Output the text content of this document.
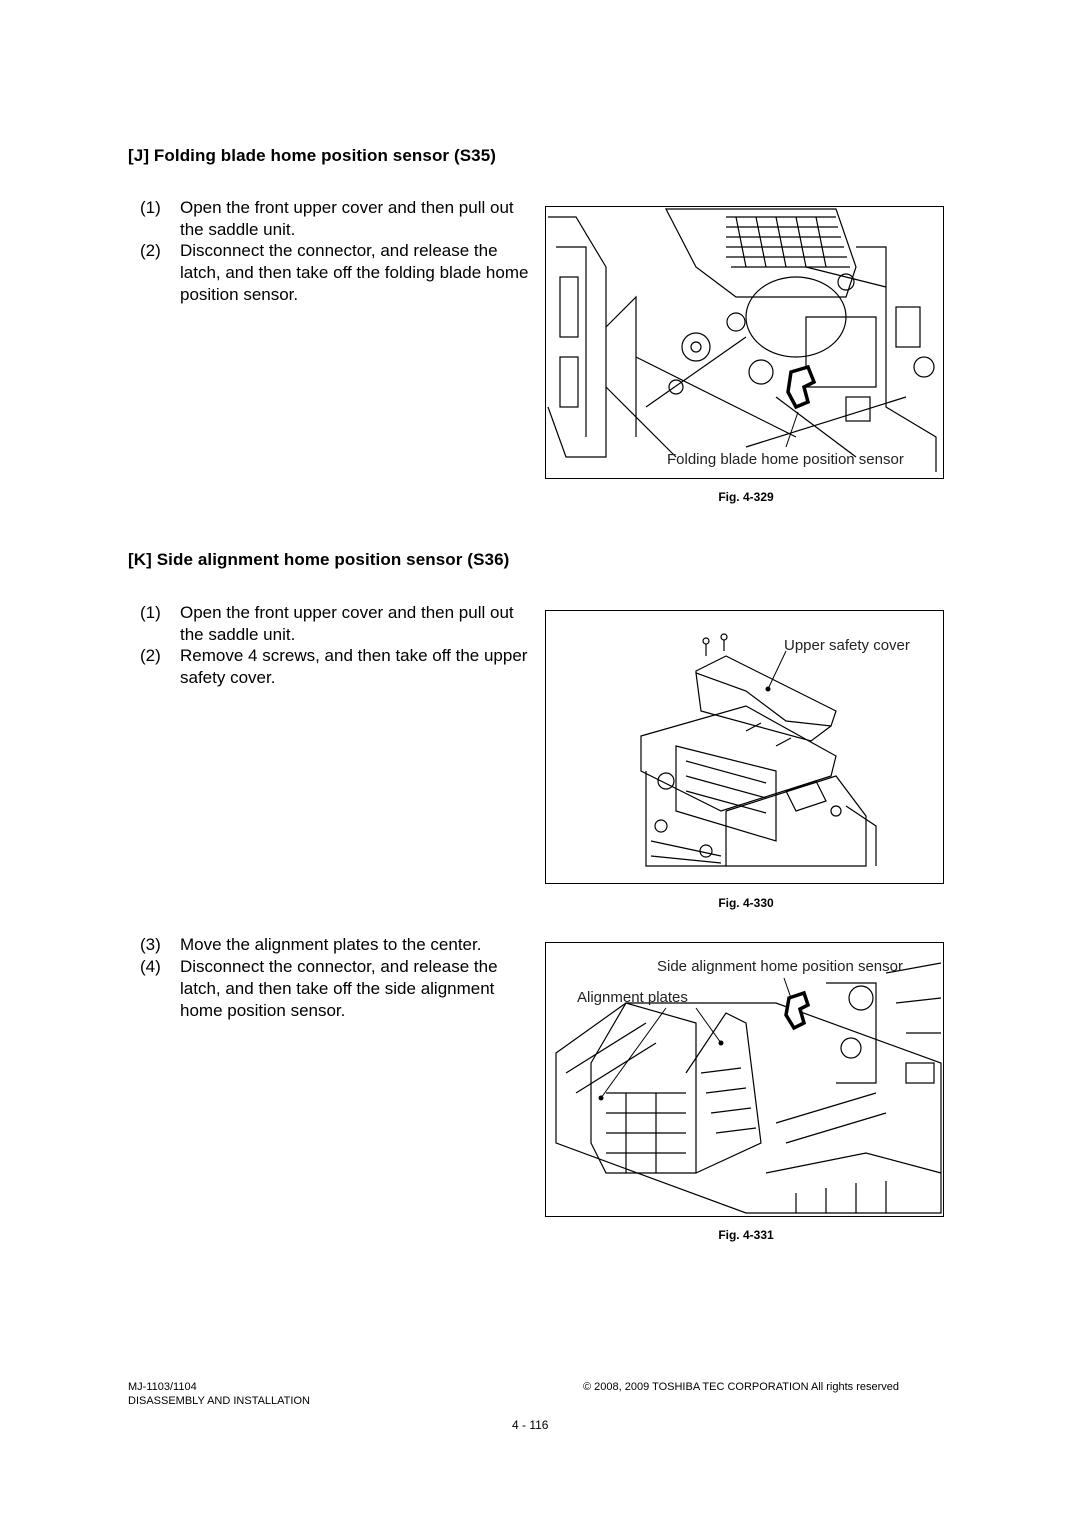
[J] Folding blade home position sensor (S35)
(1) Open the front upper cover and then pull out the saddle unit.
(2) Disconnect the connector, and release the latch, and then take off the folding blade home position sensor.
Folding blade home position sensor
Fig. 4-329
[K] Side alignment home position sensor (S36)
(1) Open the front upper cover and then pull out the saddle unit.
(2) Remove 4 screws, and then take off the upper safety cover.
Upper safety cover
Fig. 4-330
(3) Move the alignment plates to the center.
(4) Disconnect the connector, and release the latch, and then take off the side alignment home position sensor.
Side alignment home position sensor
Alignment plates
Fig. 4-331
MJ-1103/1104
DISASSEMBLY AND INSTALLATION
© 2008, 2009 TOSHIBA TEC CORPORATION All rights reserved
4 - 116
